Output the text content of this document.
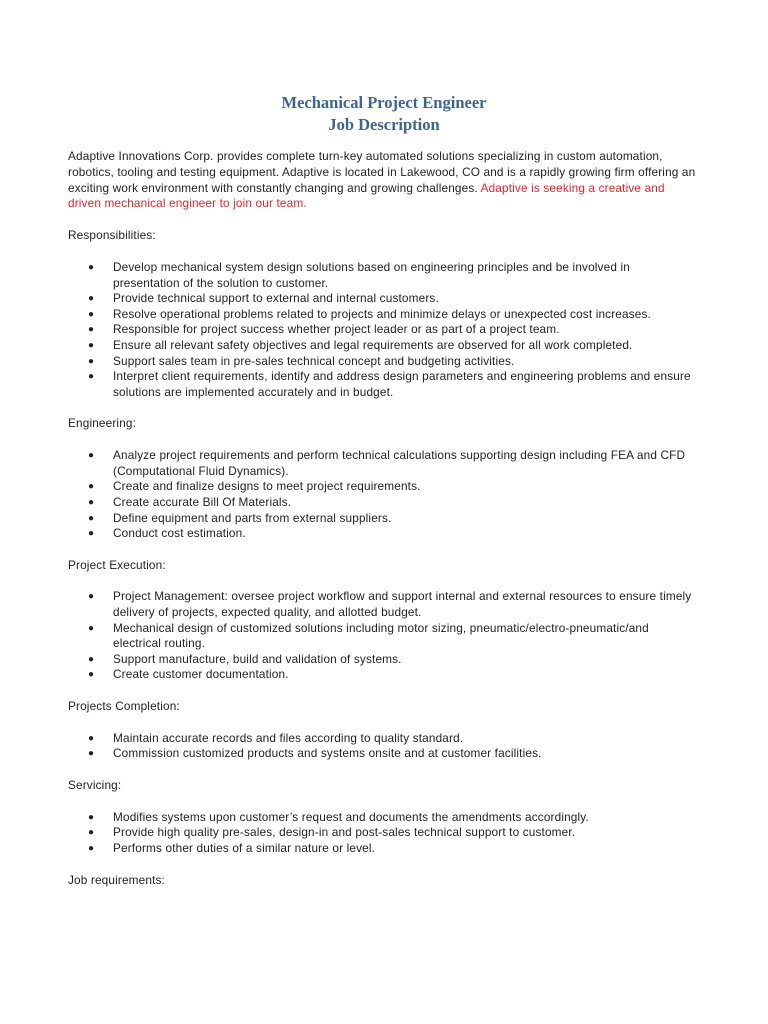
Mechanical Project Engineer
Job Description

Adaptive Innovations Corp. provides complete turn-key automated solutions specializing in custom automation, robotics, tooling and testing equipment. Adaptive is located in Lakewood, CO and is a rapidly growing firm offering an exciting work environment with constantly changing and growing challenges. Adaptive is seeking a creative and driven mechanical engineer to join our team.

Responsibilities:

● Develop mechanical system design solutions based on engineering principles and be involved in presentation of the solution to customer.
● Provide technical support to external and internal customers.
● Resolve operational problems related to projects and minimize delays or unexpected cost increases.
● Responsible for project success whether project leader or as part of a project team.
● Ensure all relevant safety objectives and legal requirements are observed for all work completed.
● Support sales team in pre-sales technical concept and budgeting activities.
● Interpret client requirements, identify and address design parameters and engineering problems and ensure solutions are implemented accurately and in budget.

Engineering:

● Analyze project requirements and perform technical calculations supporting design including FEA and CFD (Computational Fluid Dynamics).
● Create and finalize designs to meet project requirements.
● Create accurate Bill Of Materials.
● Define equipment and parts from external suppliers.
● Conduct cost estimation.

Project Execution:

● Project Management: oversee project workflow and support internal and external resources to ensure timely delivery of projects, expected quality, and allotted budget.
● Mechanical design of customized solutions including motor sizing, pneumatic/electro-pneumatic/and electrical routing.
● Support manufacture, build and validation of systems.
● Create customer documentation.

Projects Completion:

● Maintain accurate records and files according to quality standard.
● Commission customized products and systems onsite and at customer facilities.

Servicing:

● Modifies systems upon customer’s request and documents the amendments accordingly.
● Provide high quality pre-sales, design-in and post-sales technical support to customer.
● Performs other duties of a similar nature or level.

Job requirements:
